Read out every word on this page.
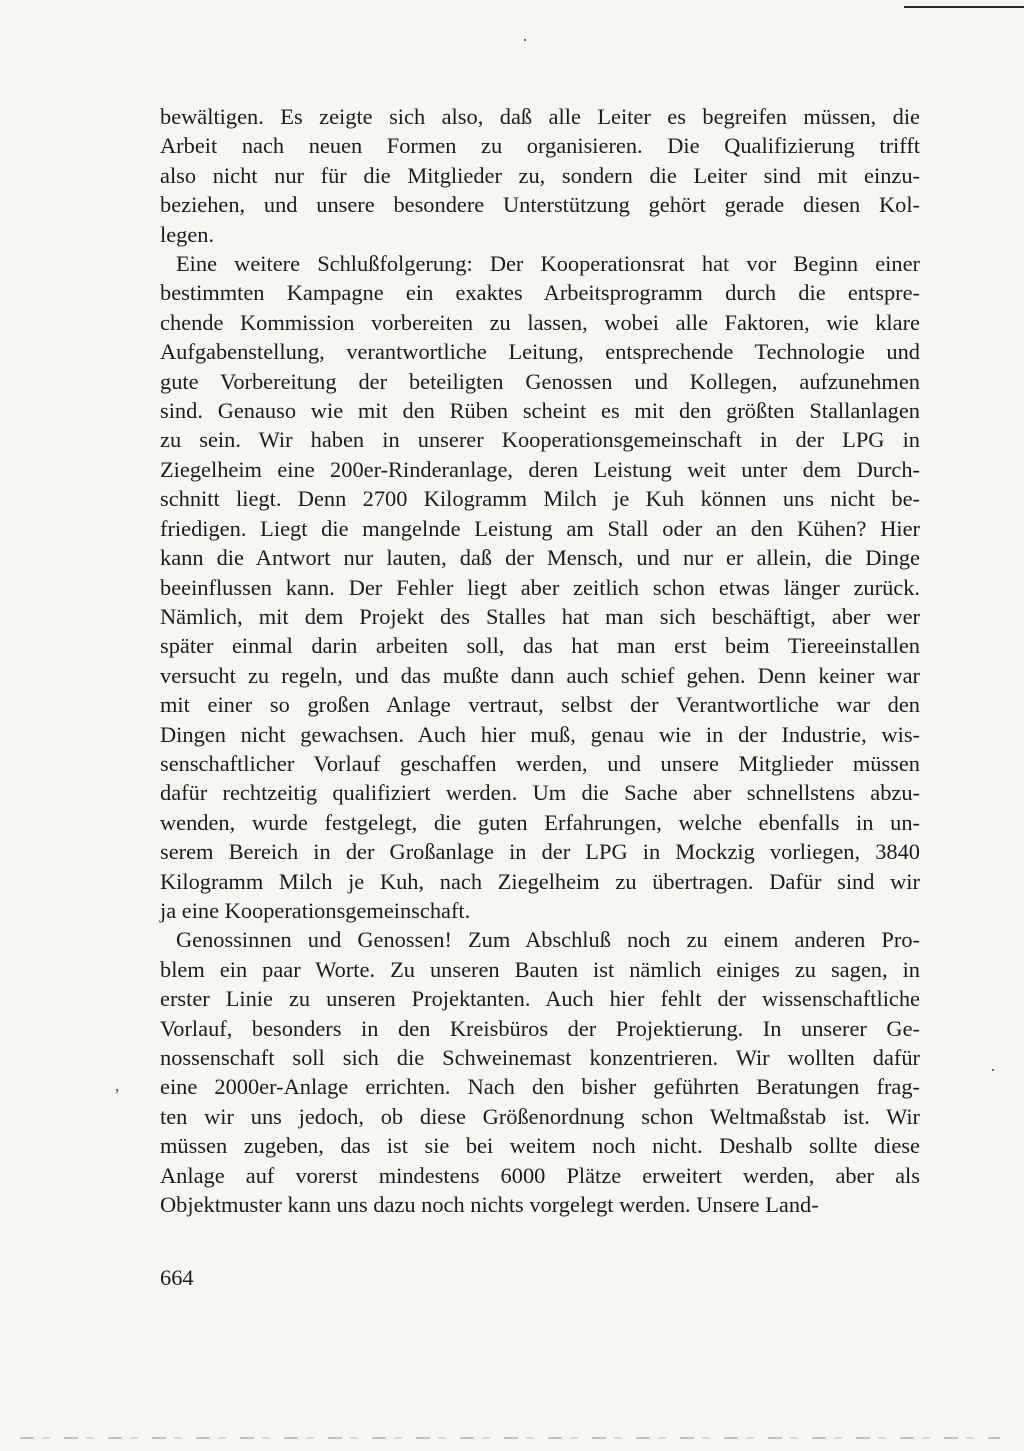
·
ʼ
·
bewältigen. Es zeigte sich also, daß alle Leiter es begreifen müssen, die
Arbeit nach neuen Formen zu organisieren. Die Qualifizierung trifft
also nicht nur für die Mitglieder zu, sondern die Leiter sind mit einzu-
beziehen, und unsere besondere Unterstützung gehört gerade diesen Kol-
legen.
Eine weitere Schlußfolgerung: Der Kooperationsrat hat vor Beginn einer
bestimmten Kampagne ein exaktes Arbeitsprogramm durch die entspre-
chende Kommission vorbereiten zu lassen, wobei alle Faktoren, wie klare
Aufgabenstellung, verantwortliche Leitung, entsprechende Technologie und
gute Vorbereitung der beteiligten Genossen und Kollegen, aufzunehmen
sind. Genauso wie mit den Rüben scheint es mit den größten Stallanlagen
zu sein. Wir haben in unserer Kooperationsgemeinschaft in der LPG in
Ziegelheim eine 200er-Rinderanlage, deren Leistung weit unter dem Durch-
schnitt liegt. Denn 2700 Kilogramm Milch je Kuh können uns nicht be-
friedigen. Liegt die mangelnde Leistung am Stall oder an den Kühen? Hier
kann die Antwort nur lauten, daß der Mensch, und nur er allein, die Dinge
beeinflussen kann. Der Fehler liegt aber zeitlich schon etwas länger zurück.
Nämlich, mit dem Projekt des Stalles hat man sich beschäftigt, aber wer
später einmal darin arbeiten soll, das hat man erst beim Tiereeinstallen
versucht zu regeln, und das mußte dann auch schief gehen. Denn keiner war
mit einer so großen Anlage vertraut, selbst der Verantwortliche war den
Dingen nicht gewachsen. Auch hier muß, genau wie in der Industrie, wis-
senschaftlicher Vorlauf geschaffen werden, und unsere Mitglieder müssen
dafür rechtzeitig qualifiziert werden. Um die Sache aber schnellstens abzu-
wenden, wurde festgelegt, die guten Erfahrungen, welche ebenfalls in un-
serem Bereich in der Großanlage in der LPG in Mockzig vorliegen, 3840
Kilogramm Milch je Kuh, nach Ziegelheim zu übertragen. Dafür sind wir
ja eine Kooperationsgemeinschaft.
Genossinnen und Genossen! Zum Abschluß noch zu einem anderen Pro-
blem ein paar Worte. Zu unseren Bauten ist nämlich einiges zu sagen, in
erster Linie zu unseren Projektanten. Auch hier fehlt der wissenschaftliche
Vorlauf, besonders in den Kreisbüros der Projektierung. In unserer Ge-
nossenschaft soll sich die Schweinemast konzentrieren. Wir wollten dafür
eine 2000er-Anlage errichten. Nach den bisher geführten Beratungen frag-
ten wir uns jedoch, ob diese Größenordnung schon Weltmaßstab ist. Wir
müssen zugeben, das ist sie bei weitem noch nicht. Deshalb sollte diese
Anlage auf vorerst mindestens 6000 Plätze erweitert werden, aber als
Objektmuster kann uns dazu noch nichts vorgelegt werden. Unsere Land-
664
